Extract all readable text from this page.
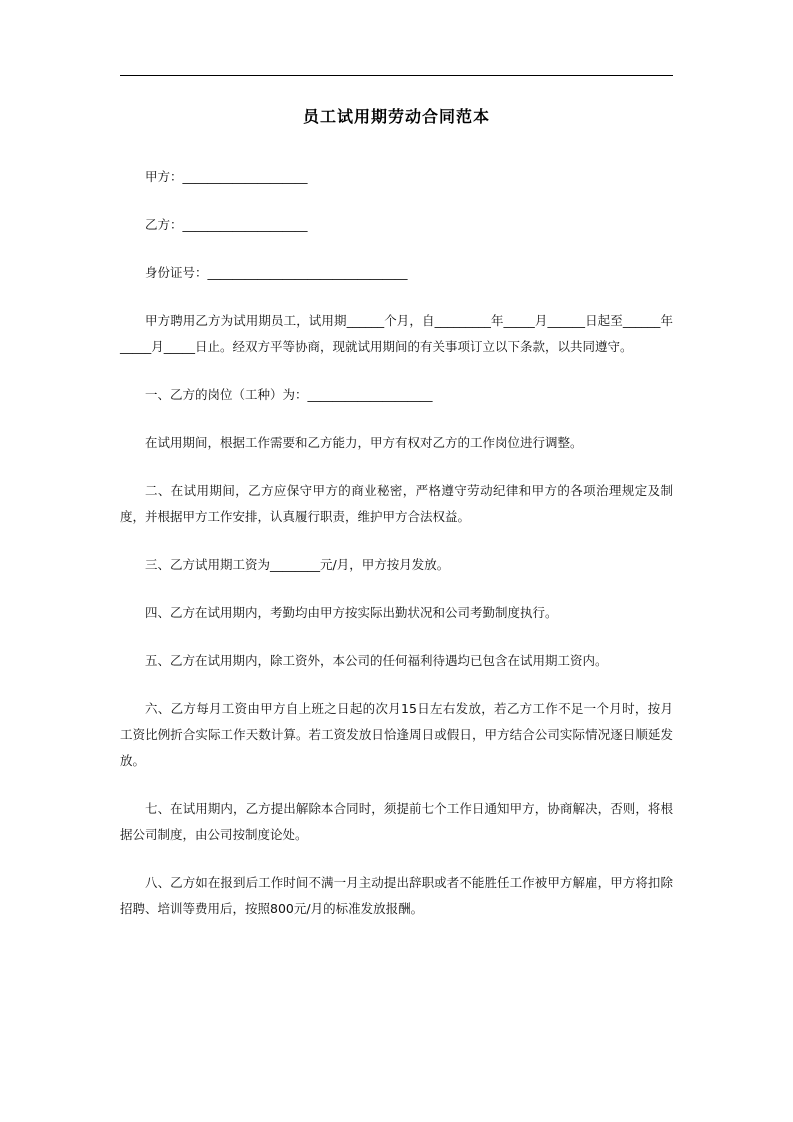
员工试用期劳动合同范本

甲方：____________________

乙方：____________________

身份证号：________________________________

甲方聘用乙方为试用期员工，试用期______个月，自_________年_____月______日起至______年_____月_____日止。经双方平等协商，现就试用期间的有关事项订立以下条款，以共同遵守。

一、乙方的岗位（工种）为：____________________

在试用期间，根据工作需要和乙方能力，甲方有权对乙方的工作岗位进行调整。

二、在试用期间，乙方应保守甲方的商业秘密，严格遵守劳动纪律和甲方的各项治理规定及制度，并根据甲方工作安排，认真履行职责，维护甲方合法权益。

三、乙方试用期工资为________元/月，甲方按月发放。

四、乙方在试用期内，考勤均由甲方按实际出勤状况和公司考勤制度执行。

五、乙方在试用期内，除工资外，本公司的任何福利待遇均已包含在试用期工资内。

六、乙方每月工资由甲方自上班之日起的次月15日左右发放，若乙方工作不足一个月时，按月工资比例折合实际工作天数计算。若工资发放日恰逢周日或假日，甲方结合公司实际情况逐日顺延发放。

七、在试用期内，乙方提出解除本合同时，须提前七个工作日通知甲方，协商解决，否则，将根据公司制度，由公司按制度论处。

八、乙方如在报到后工作时间不满一月主动提出辞职或者不能胜任工作被甲方解雇，甲方将扣除招聘、培训等费用后，按照800元/月的标准发放报酬。
